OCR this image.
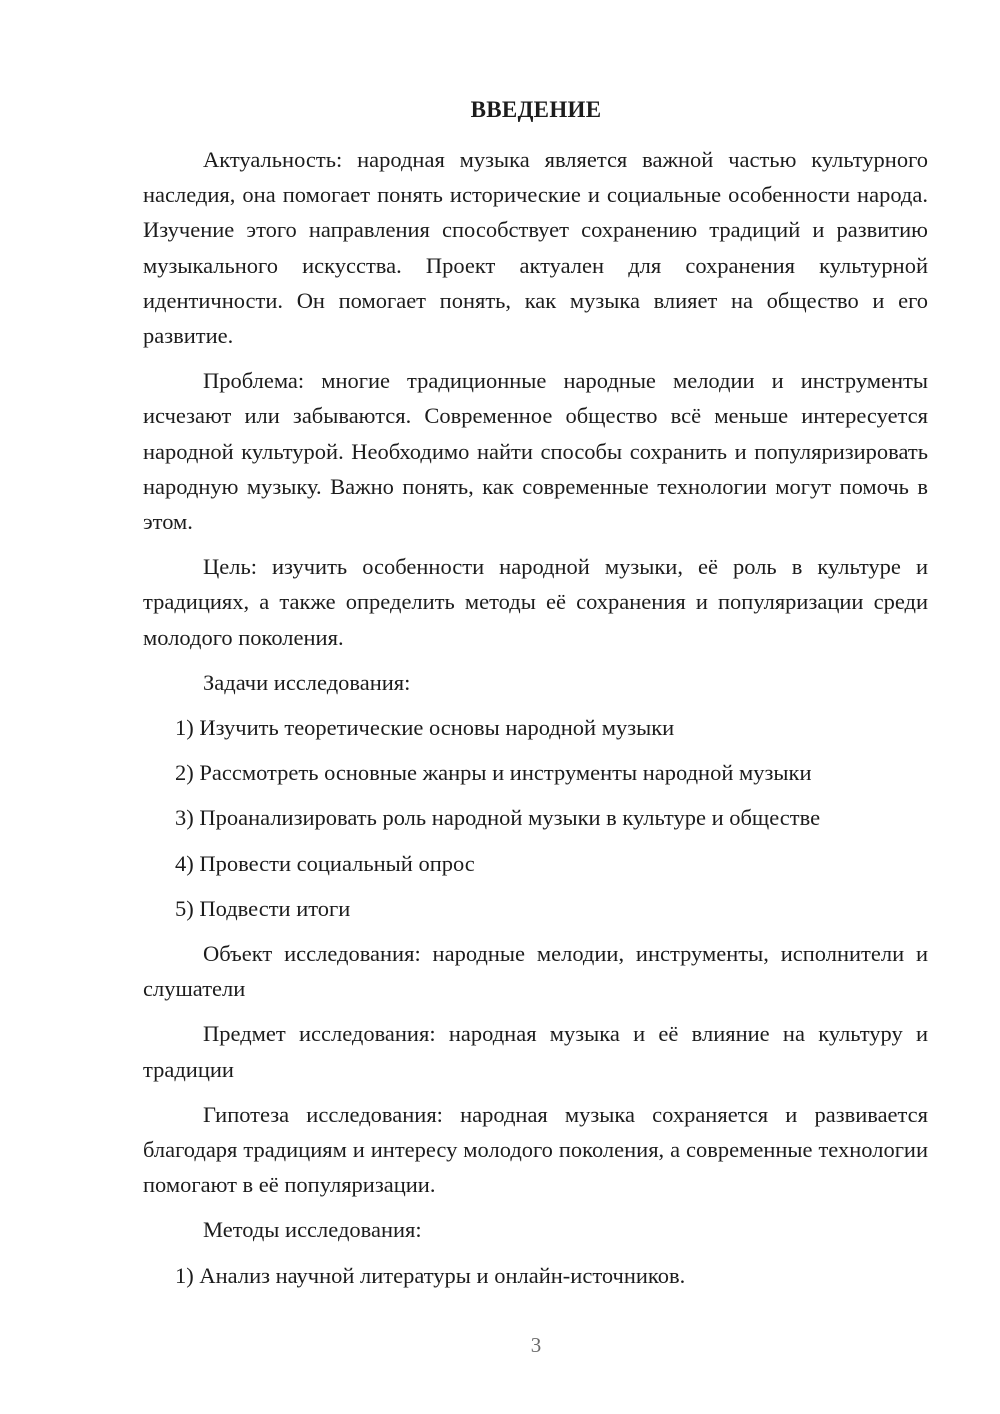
ВВЕДЕНИЕ

Актуальность: народная музыка является важной частью культурного наследия, она помогает понять исторические и социальные особенности народа. Изучение этого направления способствует сохранению традиций и развитию музыкального искусства. Проект актуален для сохранения культурной идентичности. Он помогает понять, как музыка влияет на общество и его развитие.

Проблема: многие традиционные народные мелодии и инструменты исчезают или забываются. Современное общество всё меньше интересуется народной культурой. Необходимо найти способы сохранить и популяризировать народную музыку. Важно понять, как современные технологии могут помочь в этом.

Цель: изучить особенности народной музыки, её роль в культуре и традициях, а также определить методы её сохранения и популяризации среди молодого поколения.

Задачи исследования:

1) Изучить теоретические основы народной музыки
2) Рассмотреть основные жанры и инструменты народной музыки
3) Проанализировать роль народной музыки в культуре и обществе
4) Провести социальный опрос
5) Подвести итоги

Объект исследования: народные мелодии, инструменты, исполнители и слушатели

Предмет исследования: народная музыка и её влияние на культуру и традиции

Гипотеза исследования: народная музыка сохраняется и развивается благодаря традициям и интересу молодого поколения, а современные технологии помогают в её популяризации.

Методы исследования:

1) Анализ научной литературы и онлайн-источников.
3
